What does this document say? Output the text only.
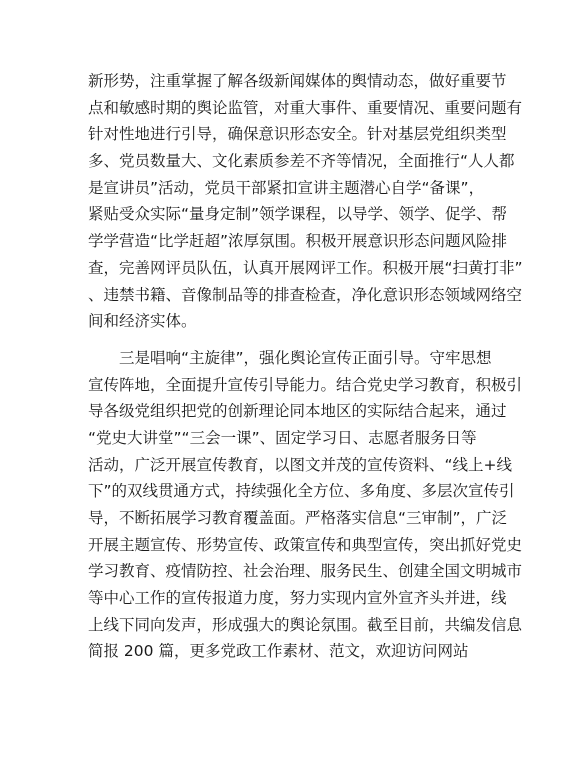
新形势，注重掌握了解各级新闻媒体的舆情动态，做好重要节
点和敏感时期的舆论监管，对重大事件、重要情况、重要问题有
针对性地进行引导，确保意识形态安全。针对基层党组织类型
多、党员数量大、文化素质参差不齐等情况，全面推行“人人都
是宣讲员”活动，党员干部紧扣宣讲主题潜心自学“备课”，
紧贴受众实际“量身定制”领学课程，以导学、领学、促学、帮
学学营造“比学赶超”浓厚氛围。积极开展意识形态问题风险排
查，完善网评员队伍，认真开展网评工作。积极开展“扫黄打非”
、违禁书籍、音像制品等的排查检查，净化意识形态领域网络空
间和经济实体。
三是唱响“主旋律”，强化舆论宣传正面引导。守牢思想
宣传阵地，全面提升宣传引导能力。结合党史学习教育，积极引
导各级党组织把党的创新理论同本地区的实际结合起来，通过
“党史大讲堂”“三会一课”、固定学习日、志愿者服务日等
活动，广泛开展宣传教育，以图文并茂的宣传资料、“线上+线
下”的双线贯通方式，持续强化全方位、多角度、多层次宣传引
导，不断拓展学习教育覆盖面。严格落实信息“三审制”，广泛
开展主题宣传、形势宣传、政策宣传和典型宣传，突出抓好党史
学习教育、疫情防控、社会治理、服务民生、创建全国文明城市
等中心工作的宣传报道力度，努力实现内宣外宣齐头并进，线
上线下同向发声，形成强大的舆论氛围。截至目前，共编发信息
简报 200 篇，更多党政工作素材、范文，欢迎访问网站
